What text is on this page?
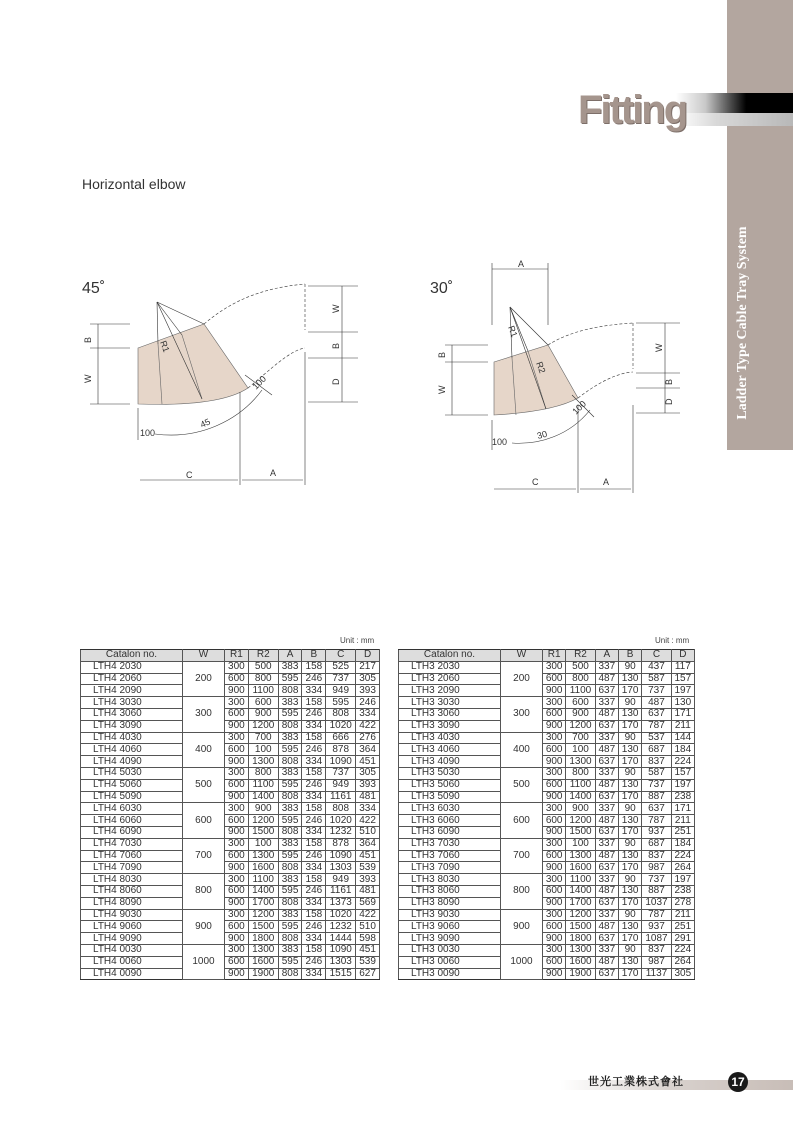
Ladder Type Cable Tray System
Fitting
Horizontal elbow
45˚	30˚
R1
B
W
W
B
D
100
100
45
C	A
R1
R2
B
W
W
B
D
A
100
100
30
C	A
Unit : mm	Unit : mm
Catalon no.	W	R1	R2	A	B	C	D
LTH4 2030	200	300	500	383	158	525	217
LTH4 2060		600	800	595	246	737	305
LTH4 2090		900	1100	808	334	949	393
LTH4 3030	300	300	600	383	158	595	246
LTH4 3060		600	900	595	246	808	334
LTH4 3090		900	1200	808	334	1020	422
LTH4 4030	400	300	700	383	158	666	276
LTH4 4060		600	100	595	246	878	364
LTH4 4090		900	1300	808	334	1090	451
LTH4 5030	500	300	800	383	158	737	305
LTH4 5060		600	1100	595	246	949	393
LTH4 5090		900	1400	808	334	1161	481
LTH4 6030	600	300	900	383	158	808	334
LTH4 6060		600	1200	595	246	1020	422
LTH4 6090		900	1500	808	334	1232	510
LTH4 7030	700	300	100	383	158	878	364
LTH4 7060		600	1300	595	246	1090	451
LTH4 7090		900	1600	808	334	1303	539
LTH4 8030	800	300	1100	383	158	949	393
LTH4 8060		600	1400	595	246	1161	481
LTH4 8090		900	1700	808	334	1373	569
LTH4 9030	900	300	1200	383	158	1020	422
LTH4 9060		600	1500	595	246	1232	510
LTH4 9090		900	1800	808	334	1444	598
LTH4 0030	1000	300	1300	383	158	1090	451
LTH4 0060		600	1600	595	246	1303	539
LTH4 0090		900	1900	808	334	1515	627
Catalon no.	W	R1	R2	A	B	C	D
LTH3 2030	200	300	500	337	90	437	117
LTH3 2060		600	800	487	130	587	157
LTH3 2090		900	1100	637	170	737	197
LTH3 3030	300	300	600	337	90	487	130
LTH3 3060		600	900	487	130	637	171
LTH3 3090		900	1200	637	170	787	211
LTH3 4030	400	300	700	337	90	537	144
LTH3 4060		600	100	487	130	687	184
LTH3 4090		900	1300	637	170	837	224
LTH3 5030	500	300	800	337	90	587	157
LTH3 5060		600	1100	487	130	737	197
LTH3 5090		900	1400	637	170	887	238
LTH3 6030	600	300	900	337	90	637	171
LTH3 6060		600	1200	487	130	787	211
LTH3 6090		900	1500	637	170	937	251
LTH3 7030	700	300	100	337	90	687	184
LTH3 7060		600	1300	487	130	837	224
LTH3 7090		900	1600	637	170	987	264
LTH3 8030	800	300	1100	337	90	737	197
LTH3 8060		600	1400	487	130	887	238
LTH3 8090		900	1700	637	170	1037	278
LTH3 9030	900	300	1200	337	90	787	211
LTH3 9060		600	1500	487	130	937	251
LTH3 9090		900	1800	637	170	1087	291
LTH3 0030	1000	300	1300	337	90	837	224
LTH3 0060		600	1600	487	130	987	264
LTH3 0090		900	1900	637	170	1137	305
世光工業株式會社	17
